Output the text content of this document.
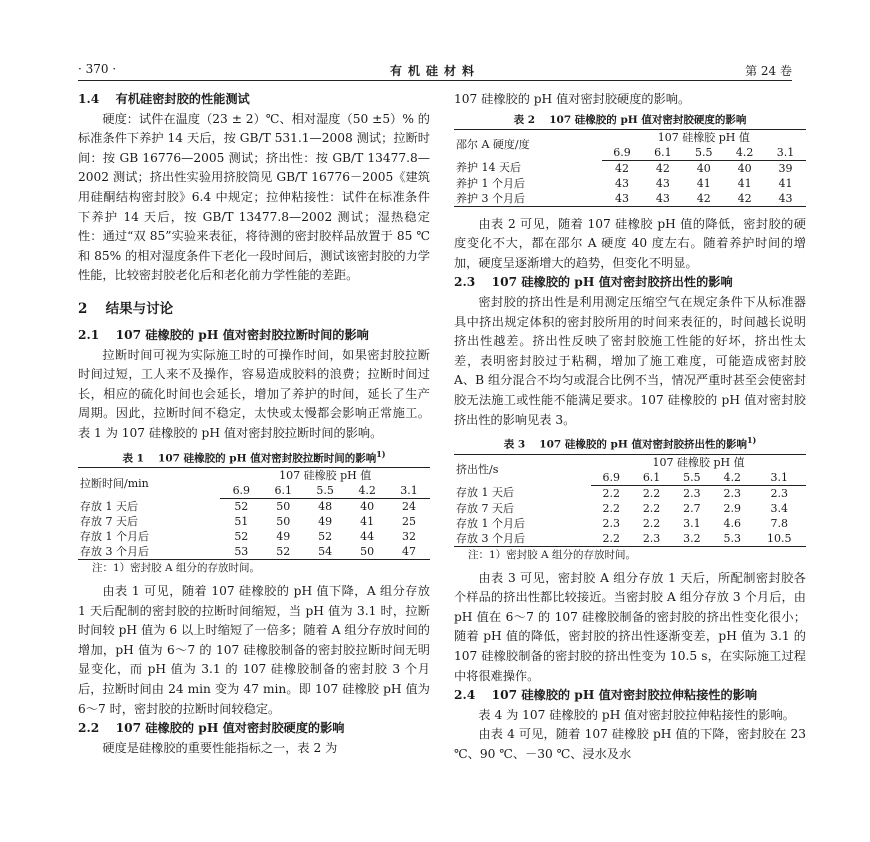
· 370 ·	有机硅材料	第 24 卷
1.4 　有机硅密封胶的性能测试

硬度：试件在温度（23 ± 2）℃、相对湿度（50 ±5）% 的标准条件下养护 14 天后，按 GB/T 531.1—2008 测试；拉断时间：按 GB 16776—2005 测试；挤出性：按 GB/T 13477.8—2002 测试；挤出性实验用挤胶筒见 GB/T 16776－2005《建筑用硅酮结构密封胶》6.4 中规定；拉伸粘接性：试件在标准条件下养护 14 天后，按 GB/T 13477.8—2002 测试；湿热稳定性：通过“双 85”实验来表征，将待测的密封胶样品放置于 85 ℃和 85% 的相对湿度条件下老化一段时间后，测试该密封胶的力学性能，比较密封胶老化后和老化前力学性能的差距。

2 　结果与讨论
2.1 　107 硅橡胶的 pH 值对密封胶拉断时间的影响

拉断时间可视为实际施工时的可操作时间，如果密封胶拉断时间过短，工人来不及操作，容易造成胶料的浪费；拉断时间过长，相应的硫化时间也会延长，增加了养护的时间，延长了生产周期。因此，拉断时间不稳定，太快或太慢都会影响正常施工。表 1 为 107 硅橡胶的 pH 值对密封胶拉断时间的影响。

表 1 　107 硅橡胶的 pH 值对密封胶拉断时间的影响$^{1)}$
拉断时间/min	107 硅橡胶 pH 值				
	6.9	6.1	5.5	4.2	3.1
存放 1 天后	52	50	48	40	24
存放 7 天后	51	50	49	41	25
存放 1 个月后	52	49	52	44	32
存放 3 个月后	53	52	54	50	47
注：1）密封胶 A 组分的存放时间。

由表 1 可见，随着 107 硅橡胶的 pH 值下降，A 组分存放 1 天后配制的密封胶的拉断时间缩短，当 pH 值为 3.1 时，拉断时间较 pH 值为 6 以上时缩短了一倍多；随着 A 组分存放时间的增加，pH 值为 6～7 的 107 硅橡胶制备的密封胶拉断时间无明显变化，而 pH 值为 3.1 的 107 硅橡胶制备的密封胶 3 个月后，拉断时间由 24 min 变为 47 min。即 107 硅橡胶 pH 值为 6～7 时，密封胶的拉断时间较稳定。

2.2 　107 硅橡胶的 pH 值对密封胶硬度的影响

硬度是硅橡胶的重要性能指标之一，表 2 为

107 硅橡胶的 pH 值对密封胶硬度的影响。

表 2 　107 硅橡胶的 pH 值对密封胶硬度的影响
邵尔 A 硬度/度	107 硅橡胶 pH 值				
	6.9	6.1	5.5	4.2	3.1
养护 14 天后	42	42	40	40	39
养护 1 个月后	43	43	41	41	41
养护 3 个月后	43	43	42	42	43

由表 2 可见，随着 107 硅橡胶 pH 值的降低，密封胶的硬度变化不大，都在邵尔 A 硬度 40 度左右。随着养护时间的增加，硬度呈逐渐增大的趋势，但变化不明显。

2.3 　107 硅橡胶的 pH 值对密封胶挤出性的影响

密封胶的挤出性是利用测定压缩空气在规定条件下从标准器具中挤出规定体积的密封胶所用的时间来表征的，时间越长说明挤出性越差。挤出性反映了密封胶施工性能的好坏，挤出性太差，表明密封胶过于粘稠，增加了施工难度，可能造成密封胶 A、B 组分混合不均匀或混合比例不当，情况严重时甚至会使密封胶无法施工或性能不能满足要求。107 硅橡胶的 pH 值对密封胶挤出性的影响见表 3。

表 3 　107 硅橡胶的 pH 值对密封胶挤出性的影响$^{1)}$
挤出性/s	107 硅橡胶 pH 值				
	6.9	6.1	5.5	4.2	3.1
存放 1 天后	2.2	2.2	2.3	2.3	2.3
存放 7 天后	2.2	2.2	2.7	2.9	3.4
存放 1 个月后	2.3	2.2	3.1	4.6	7.8
存放 3 个月后	2.2	2.3	3.2	5.3	10.5
注：1）密封胶 A 组分的存放时间。

由表 3 可见，密封胶 A 组分存放 1 天后，所配制密封胶各个样品的挤出性都比较接近。当密封胶 A 组分存放 3 个月后，由 pH 值在 6～7 的 107 硅橡胶制备的密封胶的挤出性变化很小；随着 pH 值的降低，密封胶的挤出性逐渐变差，pH 值为 3.1 的 107 硅橡胶制备的密封胶的挤出性变为 10.5 s，在实际施工过程中将很难操作。

2.4 　107 硅橡胶的 pH 值对密封胶拉伸粘接性的影响

表 4 为 107 硅橡胶的 pH 值对密封胶拉伸粘接性的影响。

由表 4 可见，随着 107 硅橡胶 pH 值的下降，密封胶在 23 ℃、90 ℃、－30 ℃、浸水及水
